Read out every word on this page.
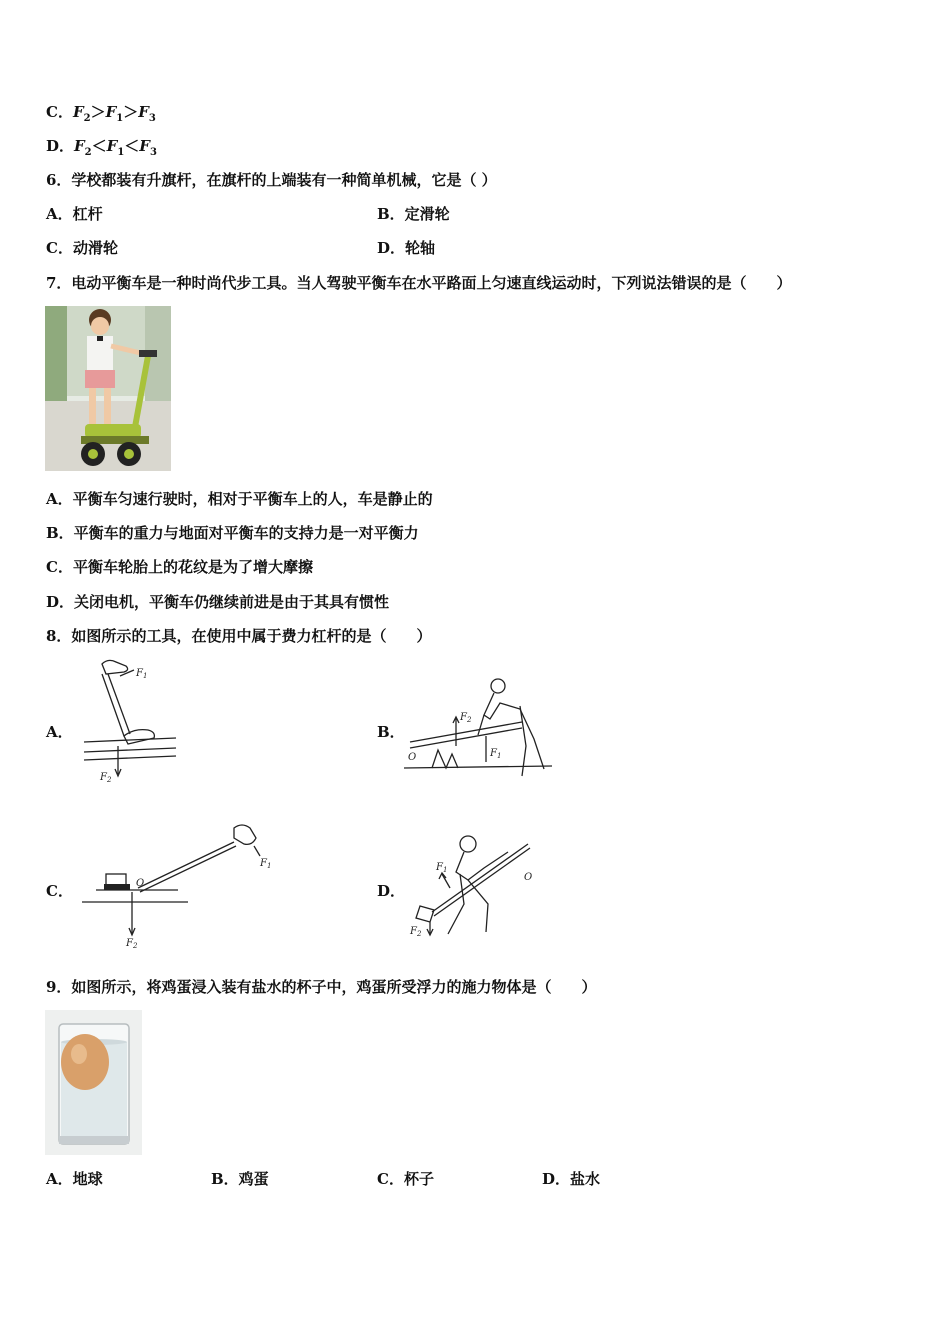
C．$F_2>F_1>F_3$
D．$F_2<F_1<F_3$
6．学校都装有升旗杆，在旗杆的上端装有一种简单机械，它是（ ）
A．杠杆	B．定滑轮
C．动滑轮	D．轮轴
7．电动平衡车是一种时尚代步工具。当人驾驶平衡车在水平路面上匀速直线运动时，下列说法错误的是（　　）
A．平衡车匀速行驶时，相对于平衡车上的人，车是静止的
B．平衡车的重力与地面对平衡车的支持力是一对平衡力
C．平衡车轮胎上的花纹是为了增大摩擦
D．关闭电机，平衡车仍继续前进是由于其具有惯性
8．如图所示的工具，在使用中属于费力杠杆的是（　　）
A．
$F_1$
$F_2$
B．
O
$F_2$
$F_1$
C．	O
$F_1$
$F_2$
D．
$F_1$
$F_2$
O
9．如图所示，将鸡蛋浸入装有盐水的杯子中，鸡蛋所受浮力的施力物体是（　　）
A．地球	B．鸡蛋	C．杯子	D．盐水
